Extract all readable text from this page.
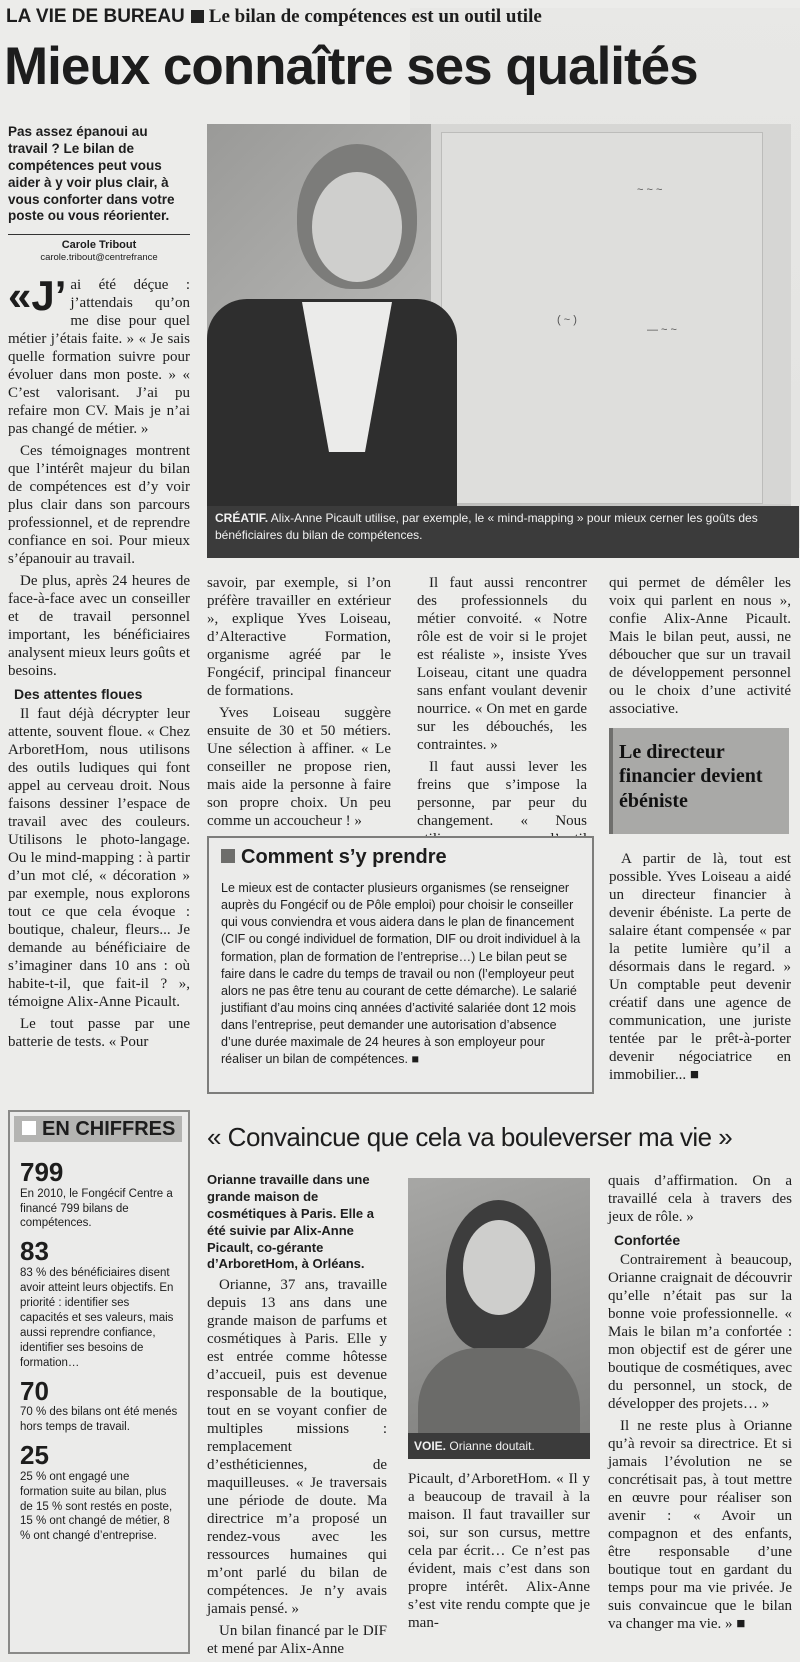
LA VIE DE BUREAU Le bilan de compétences est un outil utile
Mieux connaître ses qualités
Pas assez épanoui au travail ? Le bilan de compétences peut vous aider à y voir plus clair, à vous conforter dans votre poste ou vous réorienter.
Carole Tribout
carole.tribout@centrefrance
«J’ ai été déçue : j’attendais qu’on me dise pour quel métier j’étais faite. » « Je sais quelle formation suivre pour évoluer dans mon poste. » « C’est valorisant. J’ai pu refaire mon CV. Mais je n’ai pas changé de métier. »

Ces témoignages montrent que l’intérêt majeur du bilan de compétences est d’y voir plus clair dans son parcours professionnel, et de reprendre confiance en soi. Pour mieux s’épanouir au travail.

De plus, après 24 heures de face-à-face avec un conseiller et de travail personnel important, les bénéficiaires analysent mieux leurs goûts et besoins.

Des attentes floues

Il faut déjà décrypter leur attente, souvent floue. « Chez ArboretHom, nous utilisons des outils ludiques qui font appel au cerveau droit. Nous faisons dessiner l’espace de travail avec des couleurs. Utilisons le photo-langage. Ou le mind-mapping : à partir d’un mot clé, « décoration » par exemple, nous explorons tout ce que cela évoque : boutique, chaleur, fleurs... Je demande au bénéficiaire de s’imaginer dans 10 ans : où habite-t-il, que fait-il ? », témoigne Alix-Anne Picault.

Le tout passe par une batterie de tests. « Pour

~ ~ ~
— ~ ~
( ~ )
CRÉATIF. Alix-Anne Picault utilise, par exemple, le « mind-mapping » pour mieux cerner les goûts des bénéficiaires du bilan de compétences.

savoir, par exemple, si l’on préfère travailler en extérieur », explique Yves Loiseau, d’Alteractive Formation, organisme agréé par le Fongécif, principal financeur de formations.

Yves Loiseau suggère ensuite de 30 et 50 métiers. Une sélection à affiner. « Le conseiller ne propose rien, mais aide la personne à faire son propre choix. Un peu comme un accoucheur ! »

Il faut aussi rencontrer des professionnels du métier convoité. « Notre rôle est de voir si le projet est réaliste », insiste Yves Loiseau, citant une quadra sans enfant voulant devenir nourrice. « On met en garde sur les débouchés, les contraintes. »

Il faut aussi lever les freins que s’impose la personne, par peur du changement. « Nous

qui permet de démêler les voix qui parlent en nous », confie Alix-Anne Picault. Mais le bilan peut, aussi, ne déboucher que sur un travail de développement personnel ou le choix d’une activité associative.

Le directeur financier devient ébéniste

A partir de là, tout est possible. Yves Loiseau a aidé un directeur financier à devenir ébéniste. La perte de salaire étant compensée « par la petite lumière qu’il a désormais dans le regard. » Un comptable peut devenir créatif dans une agence de communication, une juriste tentée par le prêt-à-porter devenir négociatrice en immobilier... ■

Comment s’y prendre
Le mieux est de contacter plusieurs organismes (se renseigner auprès du Fongécif ou de Pôle emploi) pour choisir le conseiller qui vous conviendra et vous aidera dans le plan de financement (CIF ou congé individuel de formation, DIF ou droit individuel à la formation, plan de formation de l’entreprise…) Le bilan peut se faire dans le cadre du temps de travail ou non (l’employeur peut alors ne pas être tenu au courant de cette démarche). Le salarié justifiant d’au moins cinq années d’activité salariée dont 12 mois dans l’entreprise, peut demander une autorisation d’absence d’une durée maximale de 24 heures à son employeur pour réaliser un bilan de compétences. ■
EN CHIFFRES
799

En 2010, le Fongécif Centre a financé 799 bilans de compétences.

83

83 % des bénéficiaires disent avoir atteint leurs objectifs. En priorité : identifier ses capacités et ses valeurs, mais aussi reprendre confiance, identifier ses besoins de formation…

70

70 % des bilans ont été menés hors temps de travail.

25

25 % ont engagé une formation suite au bilan, plus de 15 % sont restés en poste, 15 % ont changé de métier, 8 % ont changé d’entreprise.

« Convaincue que cela va bouleverser ma vie »
Orianne travaille dans une grande maison de cosmétiques à Paris. Elle a été suivie par Alix-Anne Picault, co-gérante d’ArboretHom, à Orléans.

Orianne, 37 ans, travaille depuis 13 ans dans une grande maison de parfums et cosmétiques à Paris. Elle y est entrée comme hôtesse d’accueil, puis est devenue responsable de la boutique, tout en se voyant confier de multiples missions : remplacement d’esthéticiennes, de maquilleuses. « Je traversais une période de doute. Ma directrice m’a proposé un rendez-vous avec les ressources humaines qui m’ont parlé du bilan de compétences. Je n’y avais jamais pensé. »

Un bilan financé par le DIF et mené par Alix-Anne

VOIE. Orianne doutait.

Picault, d’ArboretHom. « Il y a beaucoup de travail à la maison. Il faut travailler sur soi, sur son cursus, mettre cela par écrit… Ce n’est pas évident, mais c’est dans son propre intérêt. Alix-Anne s’est vite rendu compte que je man-

quais d’affirmation. On a travaillé cela à travers des jeux de rôle. »

Confortée

Contrairement à beaucoup, Orianne craignait de découvrir qu’elle n’était pas sur la bonne voie professionnelle. « Mais le bilan m’a confortée : mon objectif est de gérer une boutique de cosmétiques, avec du personnel, un stock, de développer des projets… »

Il ne reste plus à Orianne qu’à revoir sa directrice. Et si jamais l’évolution ne se concrétisait pas, à tout mettre en œuvre pour réaliser son avenir : « Avoir un compagnon et des enfants, être responsable d’une boutique tout en gardant du temps pour ma vie privée. Je suis convaincue que le bilan va changer ma vie. » ■
